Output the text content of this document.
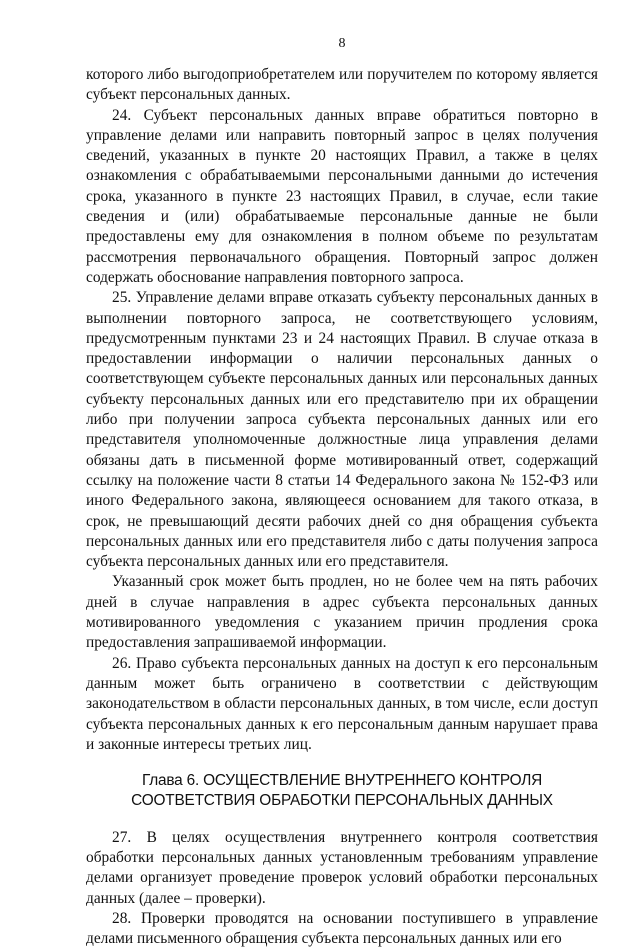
8

которого либо выгодоприобретателем или поручителем по которому является субъект персональных данных.

24. Субъект персональных данных вправе обратиться повторно в управление делами или направить повторный запрос в целях получения сведений, указанных в пункте 20 настоящих Правил, а также в целях ознакомления с обрабатываемыми персональными данными до истечения срока, указанного в пункте 23 настоящих Правил, в случае, если такие сведения и (или) обрабатываемые персональные данные не были предоставлены ему для ознакомления в полном объеме по результатам рассмотрения первоначального обращения. Повторный запрос должен содержать обоснование направления повторного запроса.

25. Управление делами вправе отказать субъекту персональных данных в выполнении повторного запроса, не соответствующего условиям, предусмотренным пунктами 23 и 24 настоящих Правил. В случае отказа в предоставлении информации о наличии персональных данных о соответствующем субъекте персональных данных или персональных данных субъекту персональных данных или его представителю при их обращении либо при получении запроса субъекта персональных данных или его представителя уполномоченные должностные лица управления делами обязаны дать в письменной форме мотивированный ответ, содержащий ссылку на положение части 8 статьи 14 Федерального закона № 152-ФЗ или иного Федерального закона, являющееся основанием для такого отказа, в срок, не превышающий десяти рабочих дней со дня обращения субъекта персональных данных или его представителя либо с даты получения запроса субъекта персональных данных или его представителя.

Указанный срок может быть продлен, но не более чем на пять рабочих дней в случае направления в адрес субъекта персональных данных мотивированного уведомления с указанием причин продления срока предоставления запрашиваемой информации.

26. Право субъекта персональных данных на доступ к его персональным данным может быть ограничено в соответствии с действующим законодательством в области персональных данных, в том числе, если доступ субъекта персональных данных к его персональным данным нарушает права и законные интересы третьих лиц.

Глава 6. ОСУЩЕСТВЛЕНИЕ ВНУТРЕННЕГО КОНТРОЛЯ
СООТВЕТСТВИЯ ОБРАБОТКИ ПЕРСОНАЛЬНЫХ ДАННЫХ

27. В целях осуществления внутреннего контроля соответствия обработки персональных данных установленным требованиям управление делами организует проведение проверок условий обработки персональных данных (далее – проверки).

28. Проверки проводятся на основании поступившего в управление делами письменного обращения субъекта персональных данных или его
